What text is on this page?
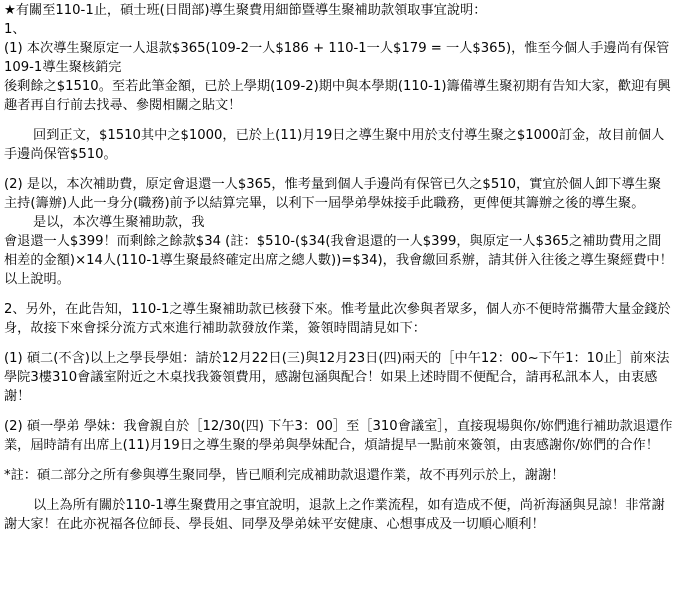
★有關至110-1止，碩士班(日間部)導生聚費用細節暨導生聚補助款領取事宜說明：

1、

(1) 本次導生聚原定一人退款$365(109-2一人$186 + 110-1一人$179 = 一人$365)，惟至今個人手邊尚有保管109-1導生聚核銷完

後剩餘之$1510。至若此筆金額，已於上學期(109-2)期中與本學期(110-1)籌備導生聚初期有告知大家，歡迎有興趣者再自行前去找尋、參閱相關之貼文！

回到正文，$1510其中之$1000，已於上(11)月19日之導生聚中用於支付導生聚之$1000訂金，故目前個人手邊尚保管$510。

(2) 是以，本次補助費，原定會退還一人$365，惟考量到個人手邊尚有保管已久之$510，實宜於個人卸下導生聚主持(籌辦)人此一身分(職務)前予以結算完畢，以利下一屆學弟學妹接手此職務，更俾便其籌辦之後的導生聚。

是以，本次導生聚補助款，我

會退還一人$399！而剩餘之餘款$34 (註：$510-($34(我會退還的一人$399，與原定一人$365之補助費用之間相差的金額)×14人(110-1導生聚最終確定出席之總人數))=$34)，我會繳回系辦，請其併入往後之導生聚經費中！以上說明。

2、另外，在此告知，110-1之導生聚補助款已核發下來。惟考量此次參與者眾多，個人亦不便時常攜帶大量金錢於身，故接下來會採分流方式來進行補助款發放作業，簽領時間請見如下：

(1) 碩二(不含)以上之學長學姐：請於12月22日(三)與12月23日(四)兩天的［中午12：00~下午1：10止］前來法學院3樓310會議室附近之木桌找我簽領費用，感謝包涵與配合！如果上述時間不便配合，請再私訊本人，由衷感謝！

(2) 碩一學弟 學妹：我會親自於［12/30(四) 下午3：00］至［310會議室］，直接現場與你/妳們進行補助款退還作業，屆時請有出席上(11)月19日之導生聚的學弟與學妹配合，煩請提早一點前來簽領，由衷感謝你/妳們的合作！

*註：碩二部分之所有參與導生聚同學，皆已順利完成補助款退還作業，故不再列示於上，謝謝！

以上為所有關於110-1導生聚費用之事宜說明，退款上之作業流程，如有造成不便，尚祈海涵與見諒！非常謝謝大家！在此亦祝福各位師長、學長姐、同學及學弟妹平安健康、心想事成及一切順心順利！
